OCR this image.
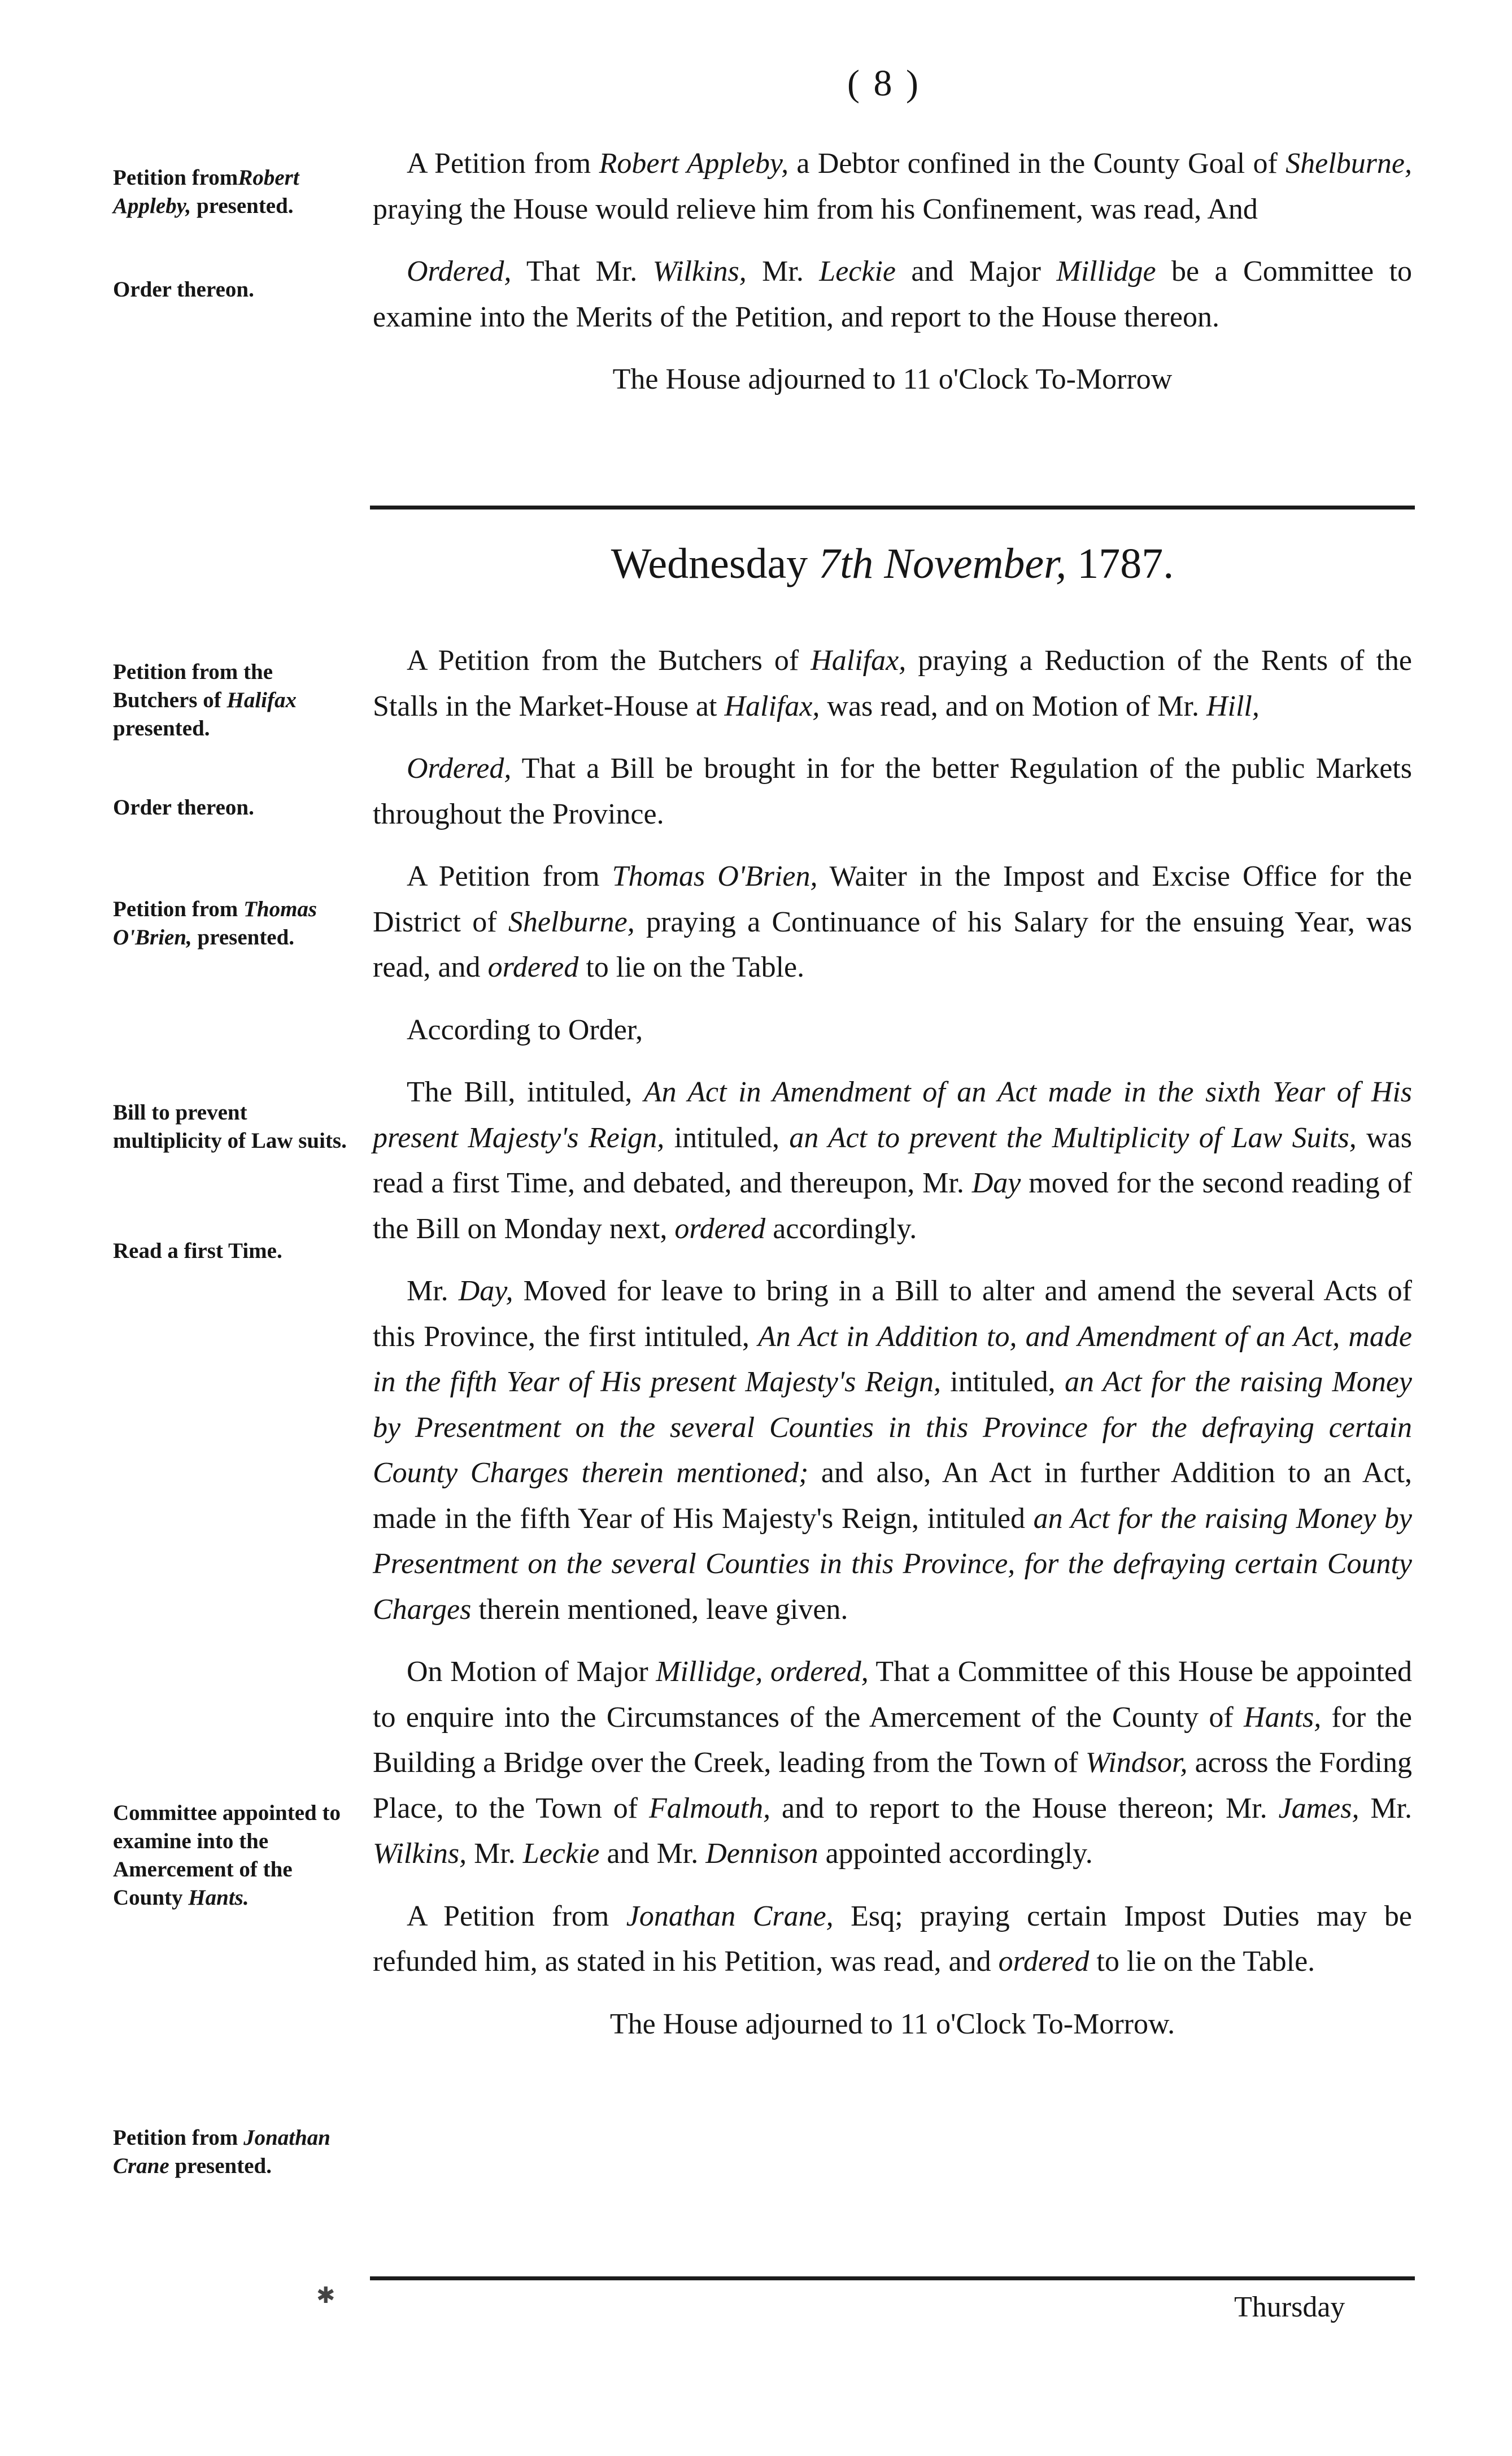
( 8 )
Petition fromRobert Appleby, presented.
Order thereon.
Petition from the Butchers of Halifax presented.
Order thereon.
Petition from Thomas O'Brien, presented.
Bill to prevent multiplicity of Law suits.
Read a first Time.
Committee appointed to examine into the Amercement of the County Hants.
Petition from Jonathan Crane presented.

A Petition from Robert Appleby, a Debtor confined in the County Goal of Shelburne, praying the House would relieve him from his Confinement, was read, And

Ordered, That Mr. Wilkins, Mr. Leckie and Major Millidge be a Committee to examine into the Merits of the Petition, and report to the House thereon.

The House adjourned to 11 o'Clock To-Morrow

Wednesday 7th November, 1787.

A Petition from the Butchers of Halifax, praying a Reduction of the Rents of the Stalls in the Market-House at Halifax, was read, and on Motion of Mr. Hill,

Ordered, That a Bill be brought in for the better Regulation of the public Markets throughout the Province.

A Petition from Thomas O'Brien, Waiter in the Impost and Excise Office for the District of Shelburne, praying a Continuance of his Salary for the ensuing Year, was read, and ordered to lie on the Table.

According to Order,

The Bill, intituled, An Act in Amendment of an Act made in the sixth Year of His present Majesty's Reign, intituled, an Act to prevent the Multiplicity of Law Suits, was read a first Time, and debated, and thereupon, Mr. Day moved for the second reading of the Bill on Monday next, ordered accordingly.

Mr. Day, Moved for leave to bring in a Bill to alter and amend the several Acts of this Province, the first intituled, An Act in Addition to, and Amendment of an Act, made in the fifth Year of His present Majesty's Reign, intituled, an Act for the raising Money by Presentment on the several Counties in this Province for the defraying certain County Charges therein mentioned; and also, An Act in further Addition to an Act, made in the fifth Year of His Majesty's Reign, intituled an Act for the raising Money by Presentment on the several Counties in this Province, for the defraying certain County Charges therein mentioned, leave given.

On Motion of Major Millidge, ordered, That a Committee of this House be appointed to enquire into the Circumstances of the Amercement of the County of Hants, for the Building a Bridge over the Creek, leading from the Town of Windsor, across the Fording Place, to the Town of Falmouth, and to report to the House thereon; Mr. James, Mr. Wilkins, Mr. Leckie and Mr. Dennison appointed accordingly.

A Petition from Jonathan Crane, Esq; praying certain Impost Duties may be refunded him, as stated in his Petition, was read, and ordered to lie on the Table.

The House adjourned to 11 o'Clock To-Morrow.

✱	Thursday
